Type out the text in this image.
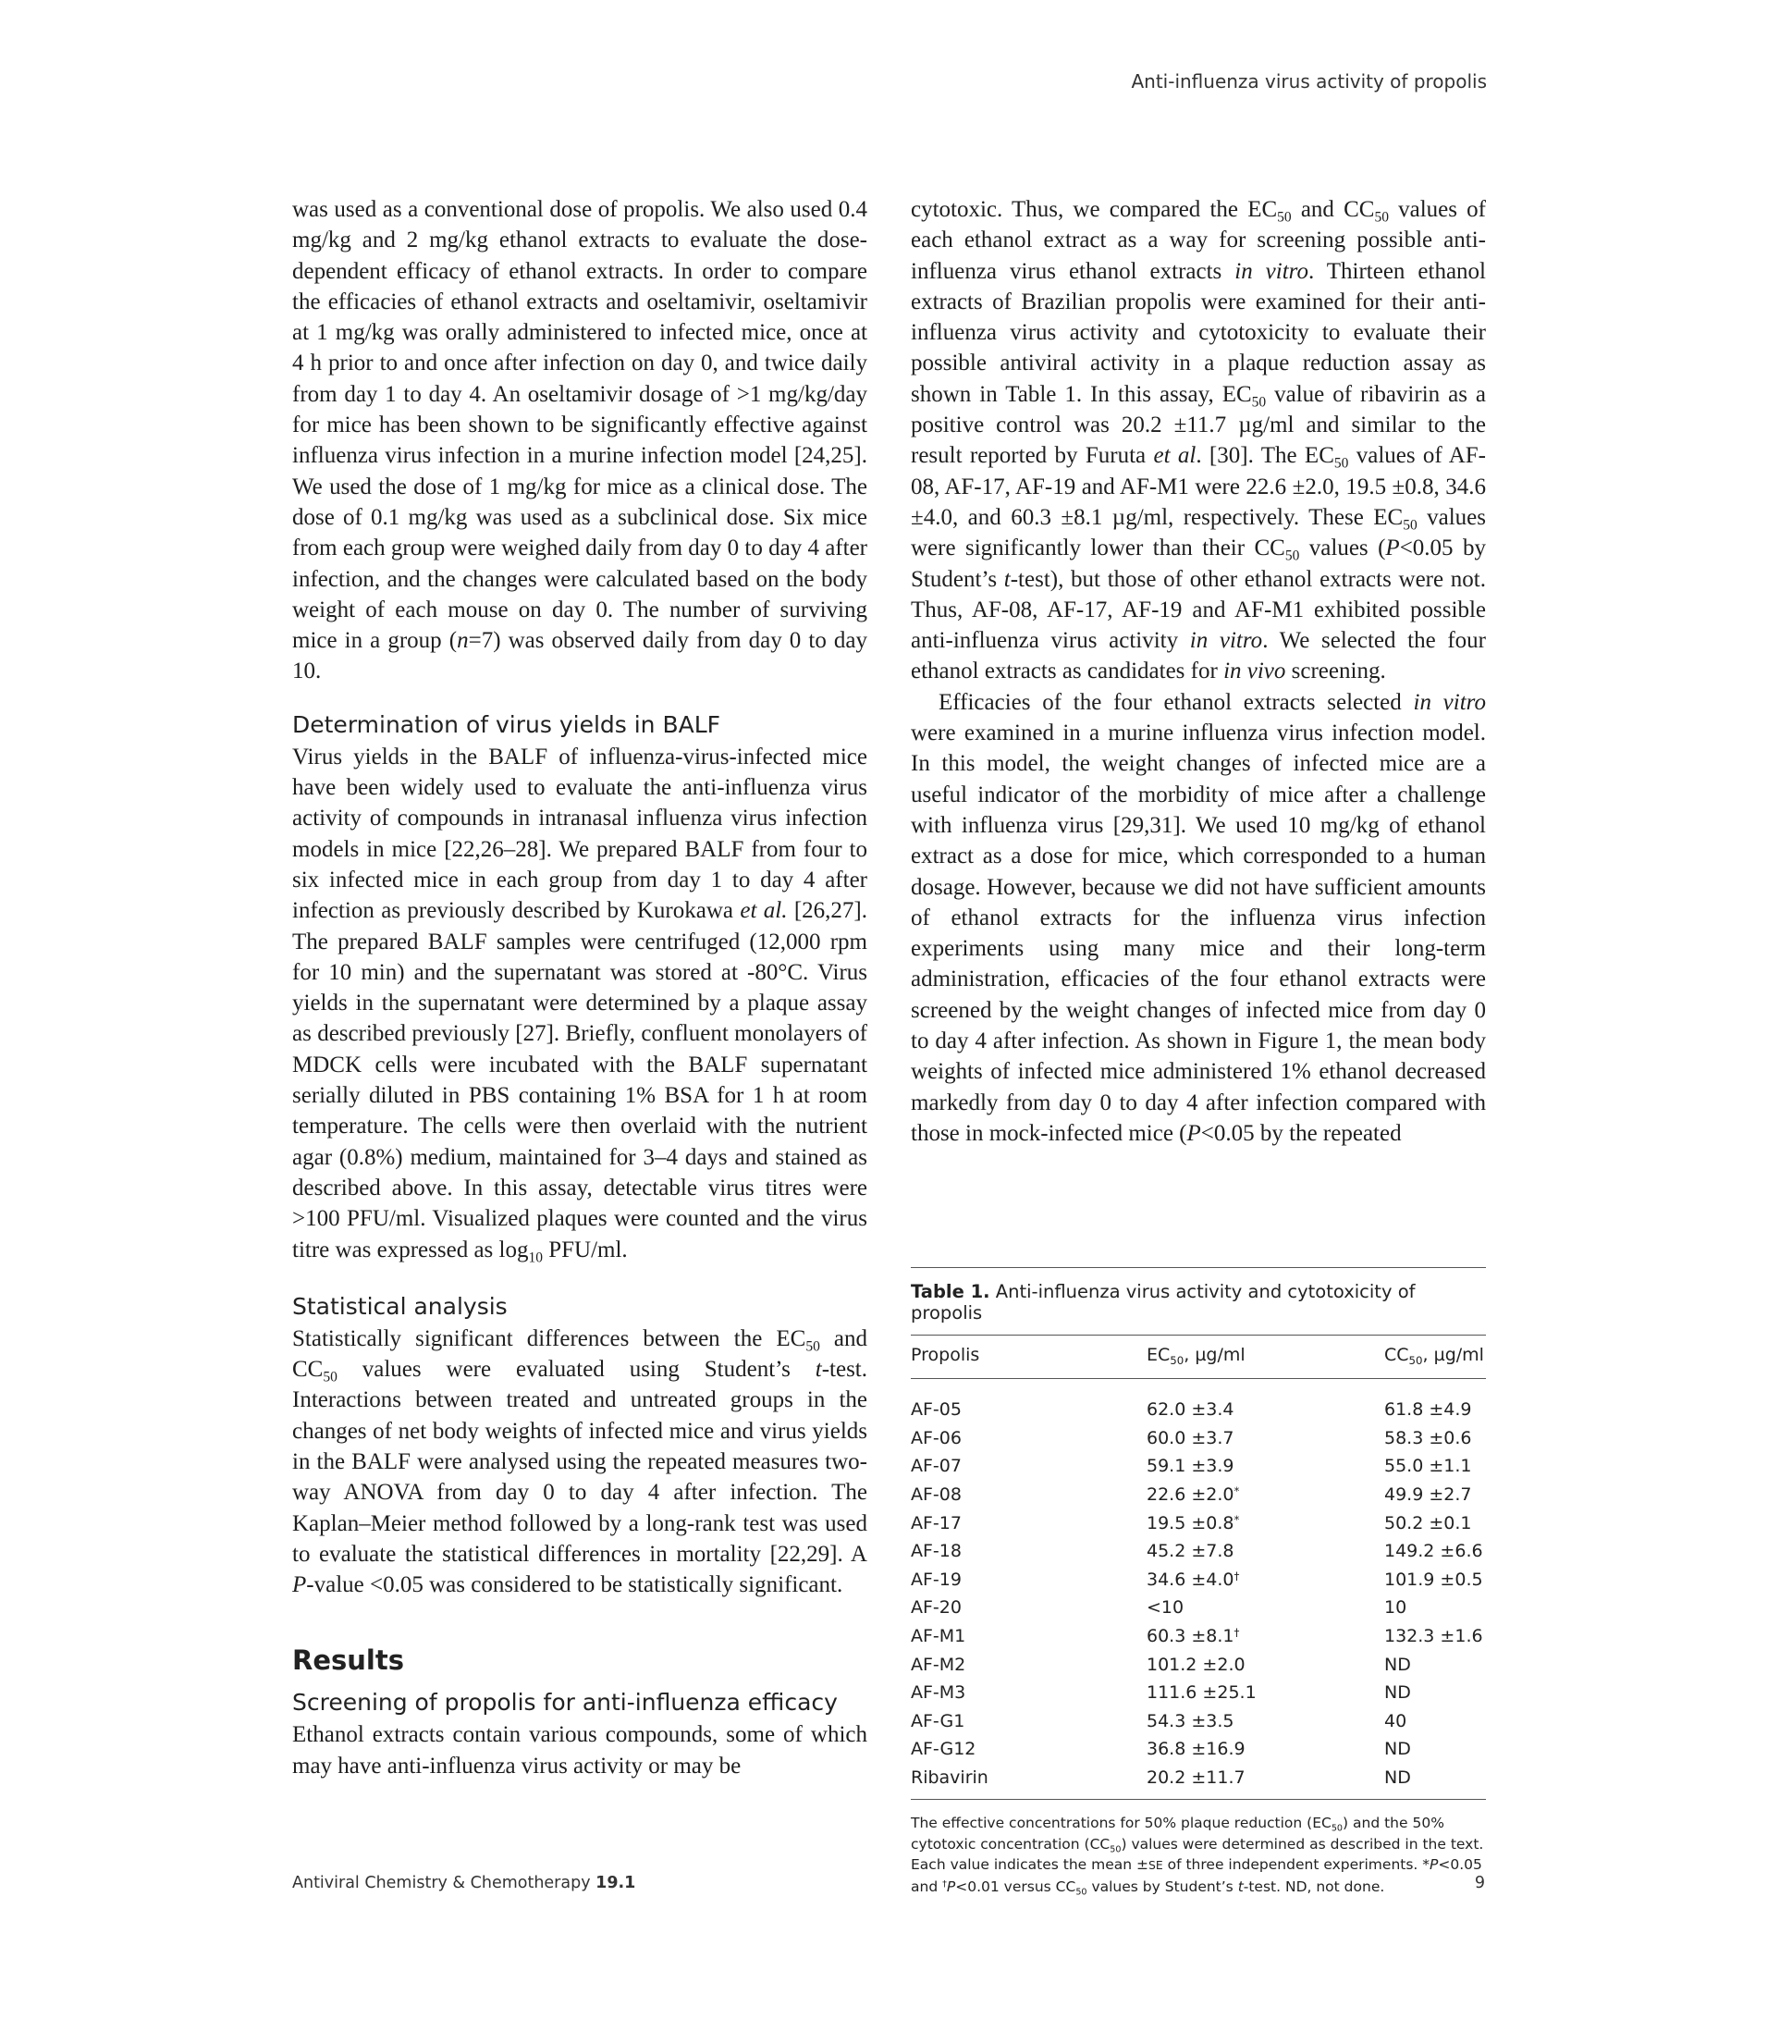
Anti-influenza virus activity of propolis

was used as a conventional dose of propolis. We also used 0.4 mg/kg and 2 mg/kg ethanol extracts to evaluate the dose-dependent efficacy of ethanol extracts. In order to compare the efficacies of ethanol extracts and oseltamivir, oseltamivir at 1 mg/kg was orally administered to infected mice, once at 4 h prior to and once after infection on day 0, and twice daily from day 1 to day 4. An oseltamivir dosage of >1 mg/kg/day for mice has been shown to be significantly effective against influenza virus infection in a murine infection model [24,25]. We used the dose of 1 mg/kg for mice as a clinical dose. The dose of 0.1 mg/kg was used as a subclinical dose. Six mice from each group were weighed daily from day 0 to day 4 after infection, and the changes were calculated based on the body weight of each mouse on day 0. The number of surviving mice in a group (n=7) was observed daily from day 0 to day 10.

Determination of virus yields in BALF

Virus yields in the BALF of influenza-virus-infected mice have been widely used to evaluate the anti-influenza virus activity of compounds in intranasal influenza virus infection models in mice [22,26–28]. We prepared BALF from four to six infected mice in each group from day 1 to day 4 after infection as previously described by Kurokawa et al. [26,27]. The prepared BALF samples were centrifuged (12,000 rpm for 10 min) and the supernatant was stored at -80°C. Virus yields in the supernatant were determined by a plaque assay as described previously [27]. Briefly, confluent monolayers of MDCK cells were incubated with the BALF supernatant serially diluted in PBS containing 1% BSA for 1 h at room temperature. The cells were then overlaid with the nutrient agar (0.8%) medium, maintained for 3–4 days and stained as described above. In this assay, detectable virus titres were >100 PFU/ml. Visualized plaques were counted and the virus titre was expressed as $\log_{10} PFU/ml$.

Statistical analysis

Statistically significant differences between the $EC_{50}$ and $CC_{50}$ values were evaluated using Student’s t-test. Interactions between treated and untreated groups in the changes of net body weights of infected mice and virus yields in the BALF were analysed using the repeated measures two-way ANOVA from day 0 to day 4 after infection. The Kaplan–Meier method followed by a long-rank test was used to evaluate the statistical differences in mortality [22,29]. A P-value <0.05 was considered to be statistically significant.

Results
Screening of propolis for anti-influenza efficacy

Ethanol extracts contain various compounds, some of which may have anti-influenza virus activity or may be

cytotoxic. Thus, we compared the $EC_{50}$ and $CC_{50}$ values of each ethanol extract as a way for screening possible anti-influenza virus ethanol extracts in vitro. Thirteen ethanol extracts of Brazilian propolis were examined for their anti-influenza virus activity and cytotoxicity to evaluate their possible antiviral activity in a plaque reduction assay as shown in Table 1. In this assay, $EC_{50}$ value of ribavirin as a positive control was 20.2 ±11.7 µg/ml and similar to the result reported by Furuta et al. [30]. The $EC_{50}$ values of AF-08, AF-17, AF-19 and AF-M1 were 22.6 ±2.0, 19.5 ±0.8, 34.6 ±4.0, and 60.3 ±8.1 µg/ml, respectively. These $EC_{50}$ values were significantly lower than their $CC_{50}$ values (P<0.05 by Student’s t-test), but those of other ethanol extracts were not. Thus, AF-08, AF-17, AF-19 and AF-M1 exhibited possible anti-influenza virus activity in vitro. We selected the four ethanol extracts as candidates for in vivo screening.

Efficacies of the four ethanol extracts selected in vitro were examined in a murine influenza virus infection model. In this model, the weight changes of infected mice are a useful indicator of the morbidity of mice after a challenge with influenza virus [29,31]. We used 10 mg/kg of ethanol extract as a dose for mice, which corresponded to a human dosage. However, because we did not have sufficient amounts of ethanol extracts for the influenza virus infection experiments using many mice and their long-term administration, efficacies of the four ethanol extracts were screened by the weight changes of infected mice from day 0 to day 4 after infection. As shown in Figure 1, the mean body weights of infected mice administered 1% ethanol decreased markedly from day 0 to day 4 after infection compared with those in mock-infected mice (P<0.05 by the repeated

Table 1. Anti-influenza virus activity and cytotoxicity of propolis
Propolis	$EC_{50}$, µg/ml	$CC_{50}$, µg/ml
AF-05	62.0 ±3.4	61.8 ±4.9
AF-06	60.0 ±3.7	58.3 ±0.6
AF-07	59.1 ±3.9	55.0 ±1.1
AF-08	22.6 ±2.0*	49.9 ±2.7
AF-17	19.5 ±0.8*	50.2 ±0.1
AF-18	45.2 ±7.8	149.2 ±6.6
AF-19	34.6 ±4.0†	101.9 ±0.5
AF-20	<10	10
AF-M1	60.3 ±8.1†	132.3 ±1.6
AF-M2	101.2 ±2.0	ND
AF-M3	111.6 ±25.1	ND
AF-G1	54.3 ±3.5	40
AF-G12	36.8 ±16.9	ND
Ribavirin	20.2 ±11.7	ND
The effective concentrations for 50% plaque reduction $(EC_{50})$ and the 50% cytotoxic concentration $(CC_{50})$ values were determined as described in the text. Each value indicates the mean ±SE of three independent experiments. *P<0.05 and †P<0.01 versus $CC_{50}$ values by Student’s t-test. ND, not done.
Antiviral Chemistry & Chemotherapy 19.1	9
